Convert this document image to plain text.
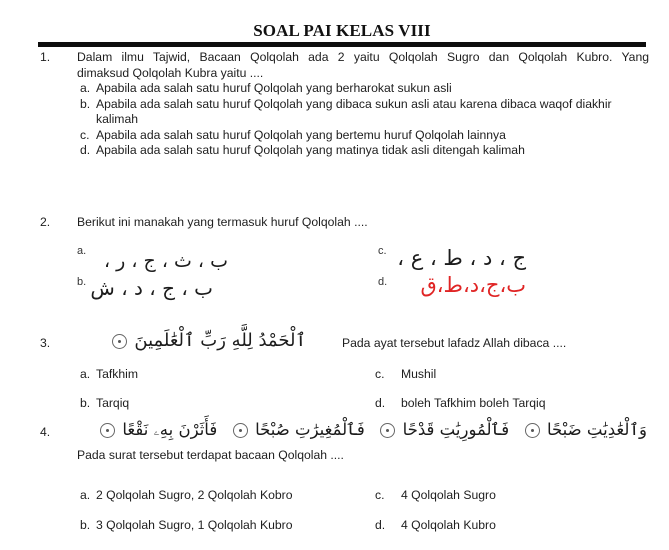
SOAL PAI KELAS VIII
1. Dalam ilmu Tajwid, Bacaan Qolqolah ada 2 yaitu Qolqolah Sugro dan Qolqolah Kubro. Yang
dimaksud Qolqolah Kubra yaitu ....
a. Apabila ada salah satu huruf Qolqolah yang berharokat sukun asli
b. Apabila ada salah satu huruf Qolqolah yang dibaca sukun asli atau karena dibaca waqof diakhir
kalimah
c. Apabila ada salah satu huruf Qolqolah yang bertemu huruf Qolqolah lainnya
d. Apabila ada salah satu huruf Qolqolah yang matinya tidak asli ditengah kalimah
2. Berikut ini manakah yang termasuk huruf Qolqolah ....
a. ب ، ث ، ج ، ر ،
b. ب ، ج ، د ، ش
c. ج ، د ، ط ، ع ،
d.	ب،ج،د،ط،ق
3.	ٱلْحَمْدُ لِلَّهِ رَبِّ ٱلْعَٰلَمِينَ	Pada ayat tersebut lafadz Allah dibaca ....
a. Tafkhim
b. Tarqiq
c. Mushil
d. boleh Tafkhim boleh Tarqiq
4.	وَٱلْعَٰدِيَٰتِ ضَبْحًا  فَٱلْمُورِيَٰتِ قَدْحًا  فَٱلْمُغِيرَٰتِ صُبْحًا  فَأَثَرْنَ بِهِۦ نَقْعًا
Pada surat tersebut terdapat bacaan Qolqolah ....
a. 2 Qolqolah Sugro, 2 Qolqolah Kobro
b. 3 Qolqolah Sugro, 1 Qolqolah Kubro
c. 4 Qolqolah Sugro
d. 4 Qolqolah Kubro
